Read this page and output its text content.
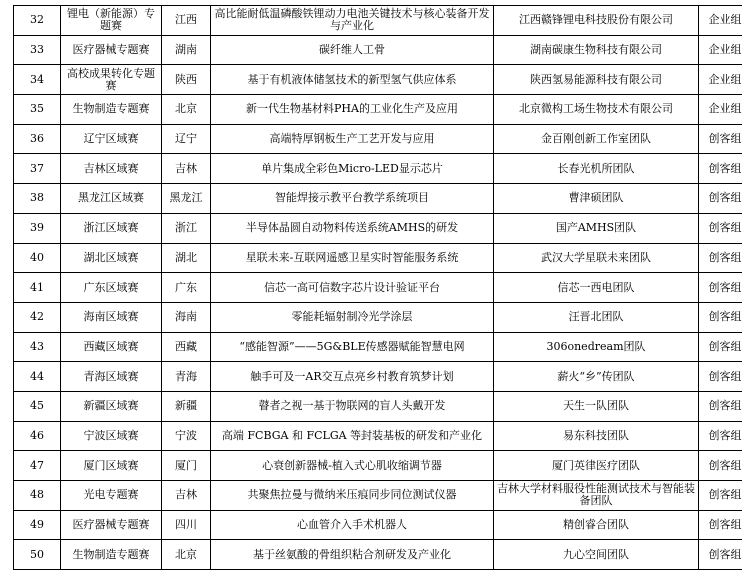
32	锂电（新能源）专题赛	江西	高比能耐低温磷酸铁锂动力电池关键技术与核心装备开发与产业化	江西赣锋锂电科技股份有限公司	企业组
33	医疗器械专题赛	湖南	碳纤维人工骨	湖南碳康生物科技有限公司	企业组
34	高校成果转化专题赛	陕西	基于有机液体储氢技术的新型氢气供应体系	陕西氢易能源科技有限公司	企业组
35	生物制造专题赛	北京	新一代生物基材料PHA的工业化生产及应用	北京微构工场生物技术有限公司	企业组
36	辽宁区域赛	辽宁	高端特厚钢板生产工艺开发与应用	金百刚创新工作室团队	创客组
37	吉林区域赛	吉林	单片集成全彩色Micro-LED显示芯片	长春光机所团队	创客组
38	黑龙江区域赛	黑龙江	智能焊接示教平台教学系统项目	曹津硕团队	创客组
39	浙江区域赛	浙江	半导体晶圆自动物料传送系统AMHS的研发	国产AMHS团队	创客组
40	湖北区域赛	湖北	星联未来-互联网遥感卫星实时智能服务系统	武汉大学星联未来团队	创客组
41	广东区域赛	广东	信芯一高可信数字芯片设计验证平台	信芯一西电团队	创客组
42	海南区域赛	海南	零能耗辐射制冷光学涂层	汪晋北团队	创客组
43	西藏区域赛	西藏	“感能智源”——5G&BLE传感器赋能智慧电网	306onedream团队	创客组
44	青海区域赛	青海	触手可及一AR交互点亮乡村教育筑梦计划	薪火“乡”传团队	创客组
45	新疆区域赛	新疆	瞽者之视一基于物联网的盲人头戴开发	天生一队团队	创客组
46	宁波区域赛	宁波	高端 FCBGA 和 FCLGA 等封装基板的研发和产业化	易东科技团队	创客组
47	厦门区域赛	厦门	心衰创新器械-植入式心肌收缩调节器	厦门英律医疗团队	创客组
48	光电专题赛	吉林	共聚焦拉曼与微纳米压痕同步同位测试仪器	吉林大学材料服役性能测试技术与智能装备团队	创客组
49	医疗器械专题赛	四川	心血管介入手术机器人	精创睿合团队	创客组
50	生物制造专题赛	北京	基于丝氨酸的骨组织粘合剂研发及产业化	九心空间团队	创客组
